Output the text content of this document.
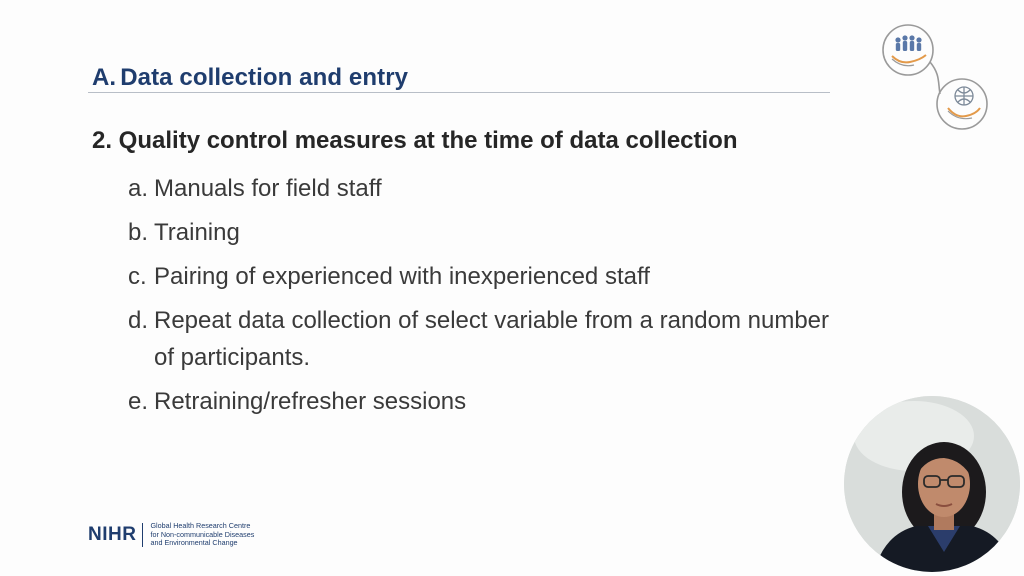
A. Data collection and entry
2. Quality control measures at the time of data collection
a. Manuals for field staff
b. Training
c. Pairing of experienced with inexperienced staff
d. Repeat data collection of select variable from a random number of participants.
e. Retraining/refresher sessions
NIHR Global Health Research Centre
for Non-communicable Diseases
and Environmental Change
